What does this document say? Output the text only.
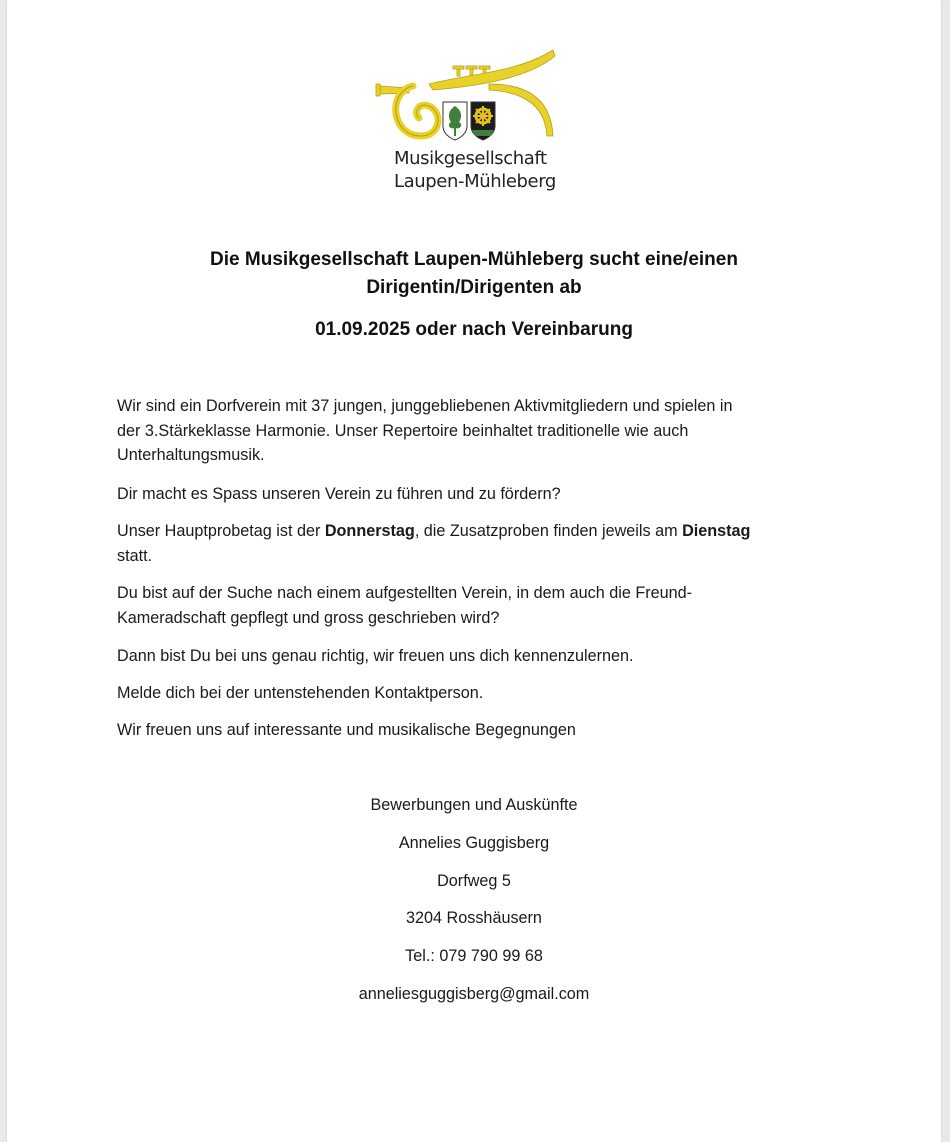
Musikgesellschaft
Laupen-Mühleberg
Die Musikgesellschaft Laupen-Mühleberg sucht eine/einen
Dirigentin/Dirigenten ab
01.09.2025 oder nach Vereinbarung

Wir sind ein Dorfverein mit 37 jungen, junggebliebenen Aktivmitgliedern und spielen in

der 3.Stärkeklasse Harmonie. Unser Repertoire beinhaltet traditionelle wie auch

Unterhaltungsmusik.

Dir macht es Spass unseren Verein zu führen und zu fördern?

Unser Hauptprobetag ist der Donnerstag, die Zusatzproben finden jeweils am Dienstag

statt.

Du bist auf der Suche nach einem aufgestellten Verein, in dem auch die Freund-

Kameradschaft gepflegt und gross geschrieben wird?

Dann bist Du bei uns genau richtig, wir freuen uns dich kennenzulernen.
Melde dich bei der untenstehenden Kontaktperson.
Wir freuen uns auf interessante und musikalische Begegnungen
Bewerbungen und Auskünfte
Annelies Guggisberg
Dorfweg 5
3204 Rosshäusern
Tel.: 079 790 99 68
anneliesguggisberg@gmail.com
